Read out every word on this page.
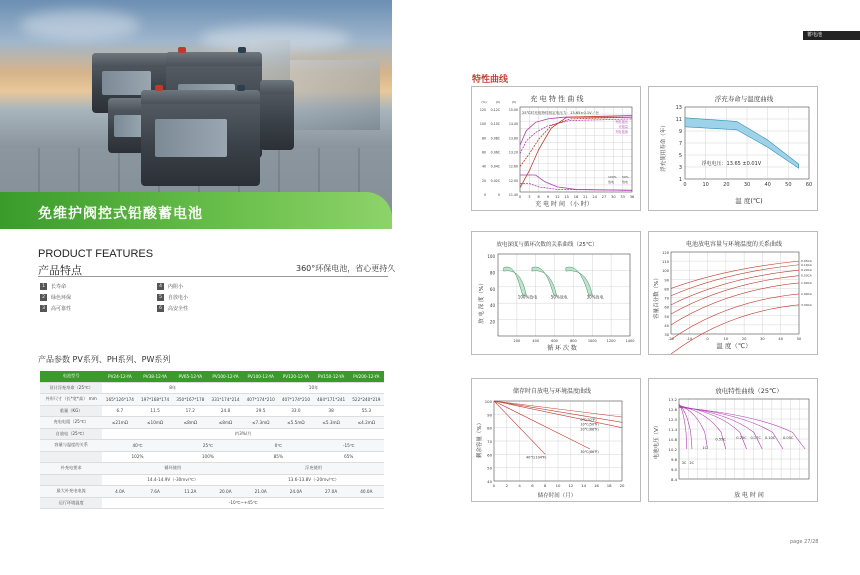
免维护阀控式铅酸蓄电池
蓄电池
PRODUCT FEATURES
产品特点	360°环保电池，省心更持久
1	长寿命
2	绿色环保
3	高可靠性
4	内阻小
5	自放电小
6	高安全性
产品参数 PV系列、PH系列、PW系列
电池型号	PV24-12-YA	PV38-12-YA	PV65-12-YA	PV100-12-YA	PV100-12-YA	PV120-12-YA	PV150-12-YA	PV200-12-YA
设计浮充寿命（25℃）	8年				10年			
外形尺寸（长*宽*高） mm	165*126*174	197*168*174	350*167*178	331*174*214	407*174*210	407*174*210	484*171*241	522*240*219
重量（KG）	6.7	11.5	17.2	24.8	29.5	33.0	38	55.3
充电电阻（25℃）	≤21mΩ	≤10mΩ	≤8mΩ	≤8mΩ	≤7.3mΩ	≤5.5mΩ	≤5.3mΩ	≤4.2mΩ
自放电（25℃）	约3%/月							
容量与温度的关系	40℃		25℃		0℃		-15℃	
	102%		100%		85%		65%	
补充电要求	循环使用				浮充使用			
	14.4-14.9V（-30mv/℃）				13.6-13.8V（-20mv/℃）			
最大补充电电流	4.0A	7.6A	11.2A	20.0A	21.0A	24.0A	27.0A	40.0A
运行环境温度	-10℃~+45℃							
特性曲线
充 电 特 性 曲 线
充 电 时 间 （小 时）
120
100
80
60
40
20
0
0.12C
0.10C
0.08C
0.06C
0.04C
0.02C
0
15.00
14.40
13.80
13.20
12.60
12.00
11.40 0 3 6 9 12 15 18 21 24 27 30 33 36
(%)	(C)	(V)
25℃时充电特性恒定电压力：13.65±0.1V／台
充电电压
充电量
充电电流
100% 50%
放电	放电
浮充寿命与温度曲线
温 度(℃)
浮充使用寿命（年）
13
11
9
7
5
3
1
0	10	20	30	40	50	60
浮电电压：13.65 ±0.01V
放电深度与循环次数的关系曲线（25℃）
循 环 次 数
放 电 深 度（%）
100
80
60
40
20
200	400	600	800	1000	1200	1400
100%放电	50%放电	30%放电
电池放电容量与环境温度的关系曲线
温 度（℃）
容量百分数（%）
120
110
100
90
80
70
60
50
40
30
-20	-10	0	10	20	30	40	50
0.05CA
0.10CA
0.20CA
0.50CA
1.00CA
2.00CA
3.00CA
储存时自放电与环境温度曲线
储存时间（月）
剩余容量（%）
100
90
80
70
60
50
40
0	2	4	6	8 10 12 14 16 18 20
0℃(32℉)
10℃(50℉)
20℃(68℉)
40℃(104℉)
30℃(86℉)
放电特性曲线（25℃）
放 电 时 间
电池电压（V）
13.2
12.6
12.0
11.4
10.8
10.2
9.6
9.0
8.4
3C 2C
1C
0.55C	0.25C 0.17C 0.10C 0.05C
page 27/28
